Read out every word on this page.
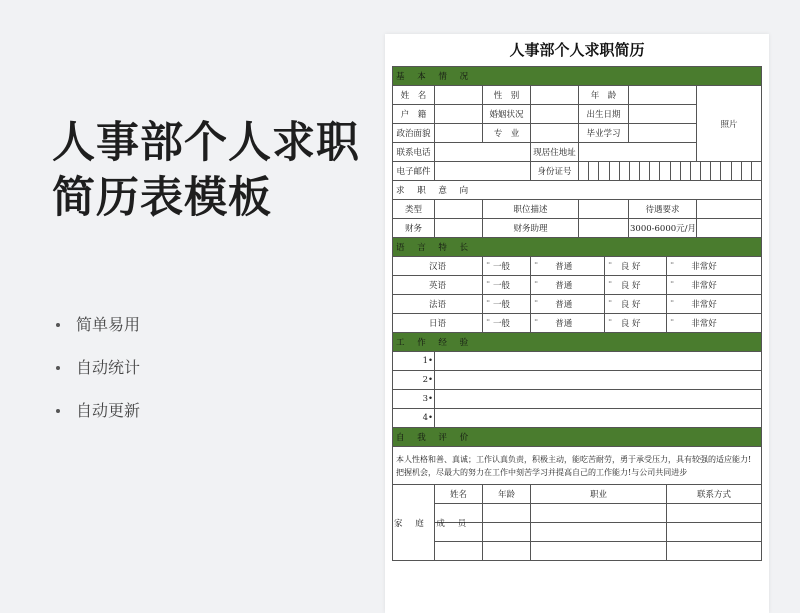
人事部个人求职
简历表模板
简单易用
自动统计
自动更新
人事部个人求职简历
基 本 情 况								
姓　名		性　别		年　龄				照片
户　籍		婚姻状况		出生日期				
政治面貌		专　业		毕业学习				
联系电话			现居住地址					
电子邮件			身份证号					

求 职 意 向								
类型		职位描述				待遇要求		
财务		财务助理				3000-6000元/月		
语 言 特 长								
汉语		¨ 一般	¨　　普通		¨　良 好		¨　　非常好	
英语		¨ 一般	¨　　普通		¨　良 好		¨　　非常好	
法语		¨ 一般	¨　　普通		¨　良 好		¨　　非常好	
日语		¨ 一般	¨　　普通		¨　良 好		¨　　非常好	
工 作 经 验								
1•								
2•								
3•								
4•								
自 我 评 价								
本人性格和善、真诚；工作认真负责，积极主动，能吃苦耐劳，勇于承受压力，具有较强的适应能力!把握机会，尽最大的努力在工作中刻苦学习并提高自己的工作能力!与公司共同进步								
家 庭 成 员	姓名	年龄	职业				联系方式	
